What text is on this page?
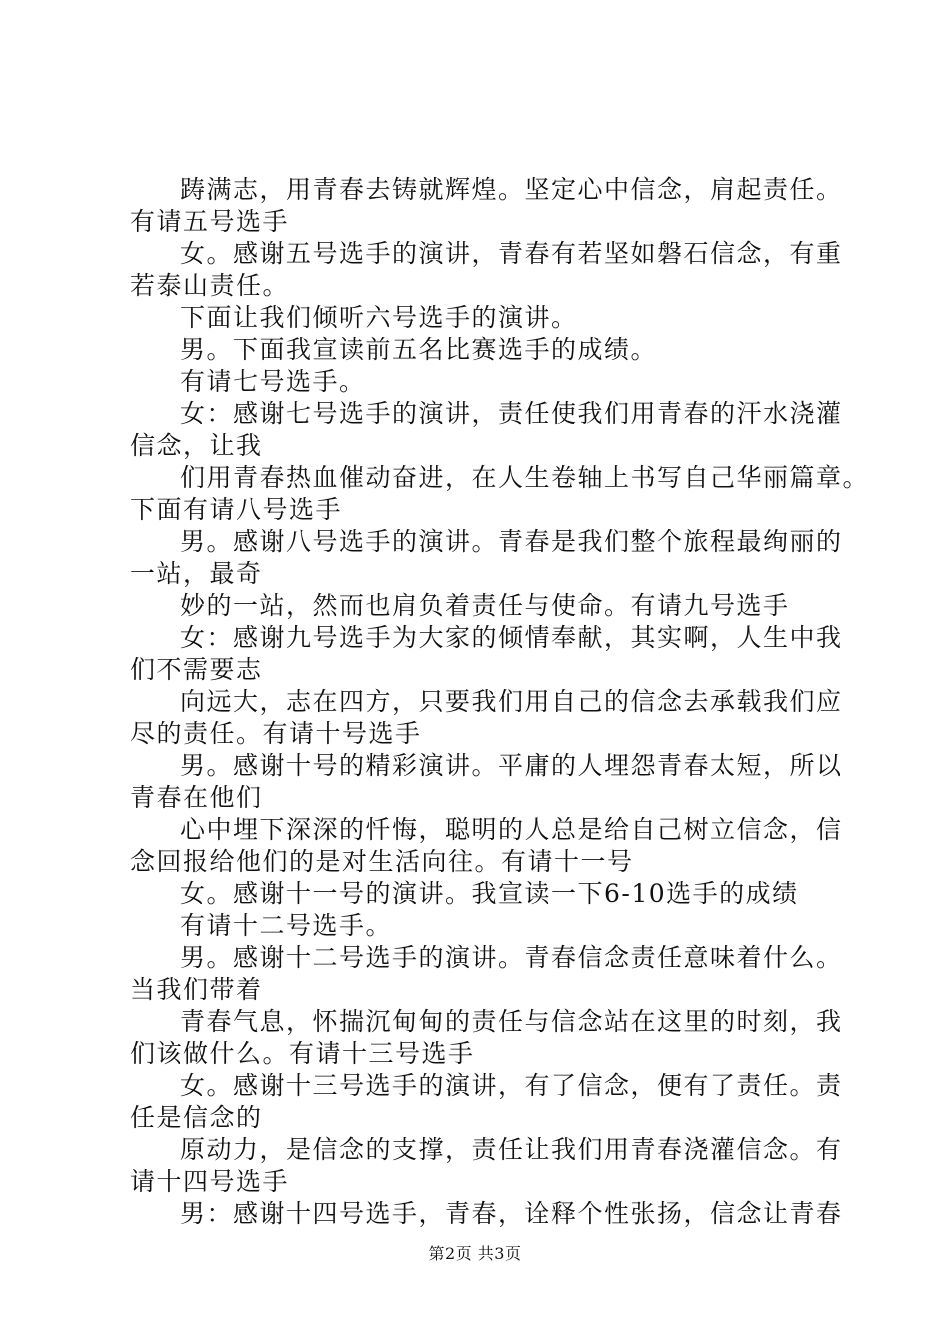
踌满志，用青春去铸就辉煌。坚定心中信念，肩起责任。
有请五号选手
女。感谢五号选手的演讲，青春有若坚如磐石信念，有重
若泰山责任。
下面让我们倾听六号选手的演讲。
男。下面我宣读前五名比赛选手的成绩。
有请七号选手。
女：感谢七号选手的演讲，责任使我们用青春的汗水浇灌
信念，让我
们用青春热血催动奋进，在人生卷轴上书写自己华丽篇章。
下面有请八号选手
男。感谢八号选手的演讲。青春是我们整个旅程最绚丽的
一站，最奇
妙的一站，然而也肩负着责任与使命。有请九号选手
女：感谢九号选手为大家的倾情奉献，其实啊，人生中我
们不需要志
向远大，志在四方，只要我们用自己的信念去承载我们应
尽的责任。有请十号选手
男。感谢十号的精彩演讲。平庸的人埋怨青春太短，所以
青春在他们
心中埋下深深的忏悔，聪明的人总是给自己树立信念，信
念回报给他们的是对生活向往。有请十一号
女。感谢十一号的演讲。我宣读一下6-10选手的成绩
有请十二号选手。
男。感谢十二号选手的演讲。青春信念责任意味着什么。
当我们带着
青春气息，怀揣沉甸甸的责任与信念站在这里的时刻，我
们该做什么。有请十三号选手
女。感谢十三号选手的演讲，有了信念，便有了责任。责
任是信念的
原动力，是信念的支撑，责任让我们用青春浇灌信念。有
请十四号选手
男：感谢十四号选手，青春，诠释个性张扬，信念让青春
第2页 共3页
